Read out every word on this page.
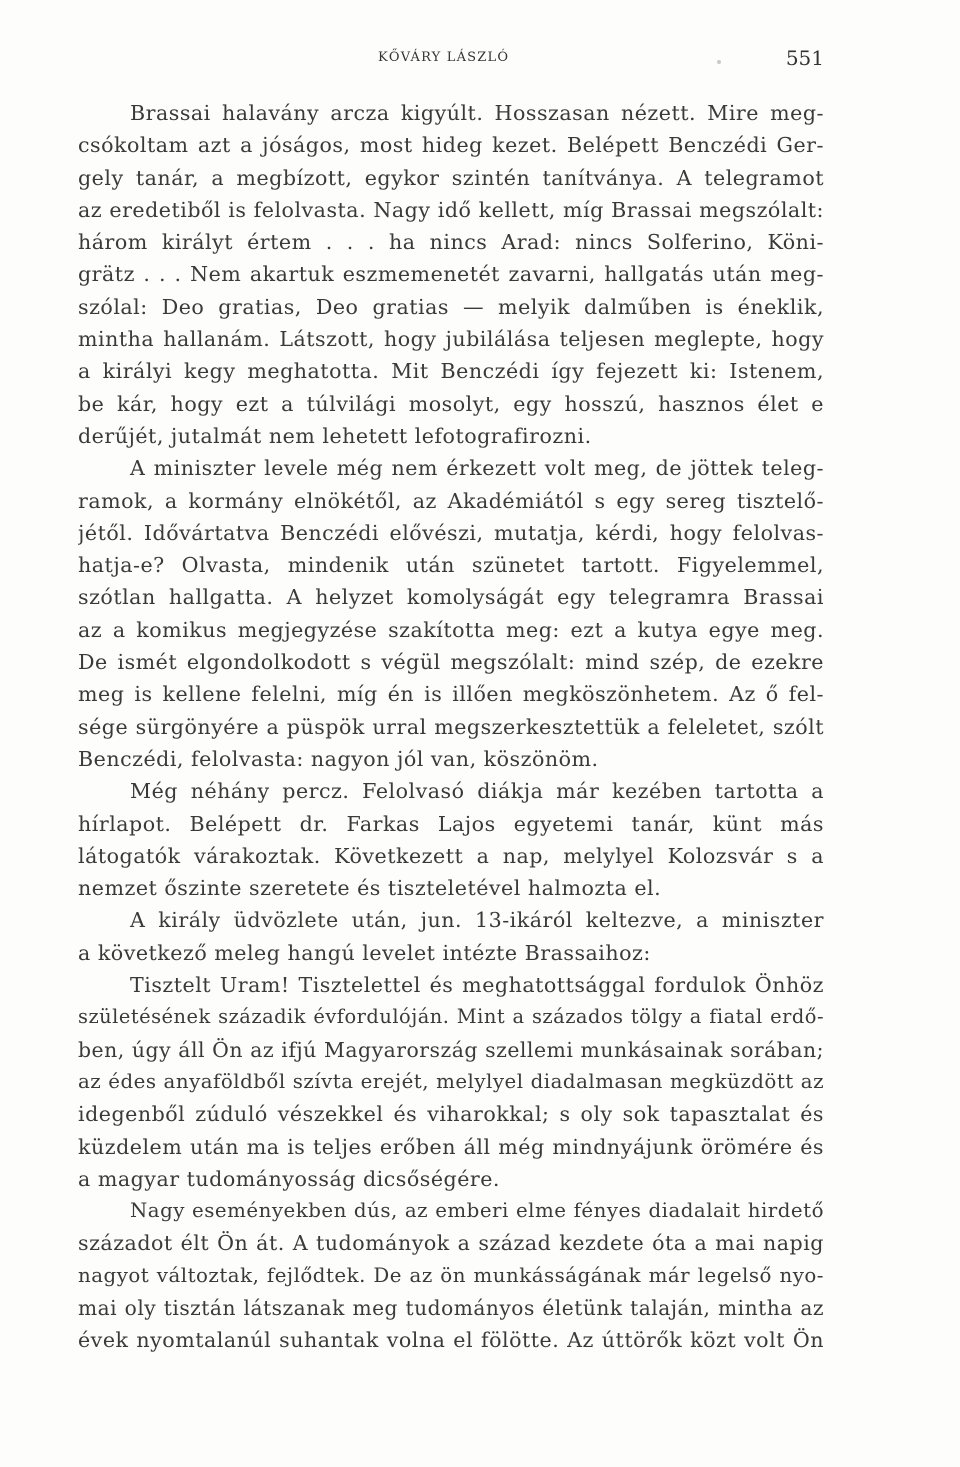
KŐVÁRY LÁSZLÓ	551
Brassai halavány arcza kigyúlt. Hosszasan nézett. Mire meg-
csókoltam azt a jóságos, most hideg kezet. Belépett Benczédi Ger-
gely tanár, a megbízott, egykor szintén tanítványa. A telegramot
az eredetiből is felolvasta. Nagy idő kellett, míg Brassai megszólalt:
három királyt értem . . . ha nincs Arad: nincs Solferino, Köni-
grätz . . . Nem akartuk eszmemenetét zavarni, hallgatás után meg-
szólal: Deo gratias, Deo gratias — melyik dalműben is éneklik,
mintha hallanám. Látszott, hogy jubilálása teljesen meglepte, hogy
a királyi kegy meghatotta. Mit Benczédi így fejezett ki: Istenem,
be kár, hogy ezt a túlvilági mosolyt, egy hosszú, hasznos élet e
derűjét, jutalmát nem lehetett lefotografirozni.
A miniszter levele még nem érkezett volt meg, de jöttek teleg-
ramok, a kormány elnökétől, az Akadémiától s egy sereg tisztelő-
jétől. Idővártatva Benczédi elővészi, mutatja, kérdi, hogy felolvas-
hatja-e? Olvasta, mindenik után szünetet tartott. Figyelemmel,
szótlan hallgatta. A helyzet komolyságát egy telegramra Brassai
az a komikus megjegyzése szakította meg: ezt a kutya egye meg.
De ismét elgondolkodott s végül megszólalt: mind szép, de ezekre
meg is kellene felelni, míg én is illően megköszönhetem. Az ő fel-
sége sürgönyére a püspök urral megszerkesztettük a feleletet, szólt
Benczédi, felolvasta: nagyon jól van, köszönöm.
Még néhány percz. Felolvasó diákja már kezében tartotta a
hírlapot. Belépett dr. Farkas Lajos egyetemi tanár, künt más
látogatók várakoztak. Következett a nap, melylyel Kolozsvár s a
nemzet őszinte szeretete és tiszteletével halmozta el.
A király üdvözlete után, jun. 13-ikáról keltezve, a miniszter
a következő meleg hangú levelet intézte Brassaihoz:
Tisztelt Uram! Tisztelettel és meghatottsággal fordulok Önhöz
születésének századik évfordulóján. Mint a százados tölgy a fiatal erdő-
ben, úgy áll Ön az ifjú Magyarország szellemi munkásainak sorában;
az édes anyaföldből szívta erejét, melylyel diadalmasan megküzdött az
idegenből zúduló vészekkel és viharokkal; s oly sok tapasztalat és
küzdelem után ma is teljes erőben áll még mindnyájunk örömére és
a magyar tudományosság dicsőségére.
Nagy eseményekben dús, az emberi elme fényes diadalait hirdető
századot élt Ön át. A tudományok a század kezdete óta a mai napig
nagyot változtak, fejlődtek. De az ön munkásságának már legelső nyo-
mai oly tisztán látszanak meg tudományos életünk talaján, mintha az
évek nyomtalanúl suhantak volna el fölötte. Az úttörők közt volt Ön
